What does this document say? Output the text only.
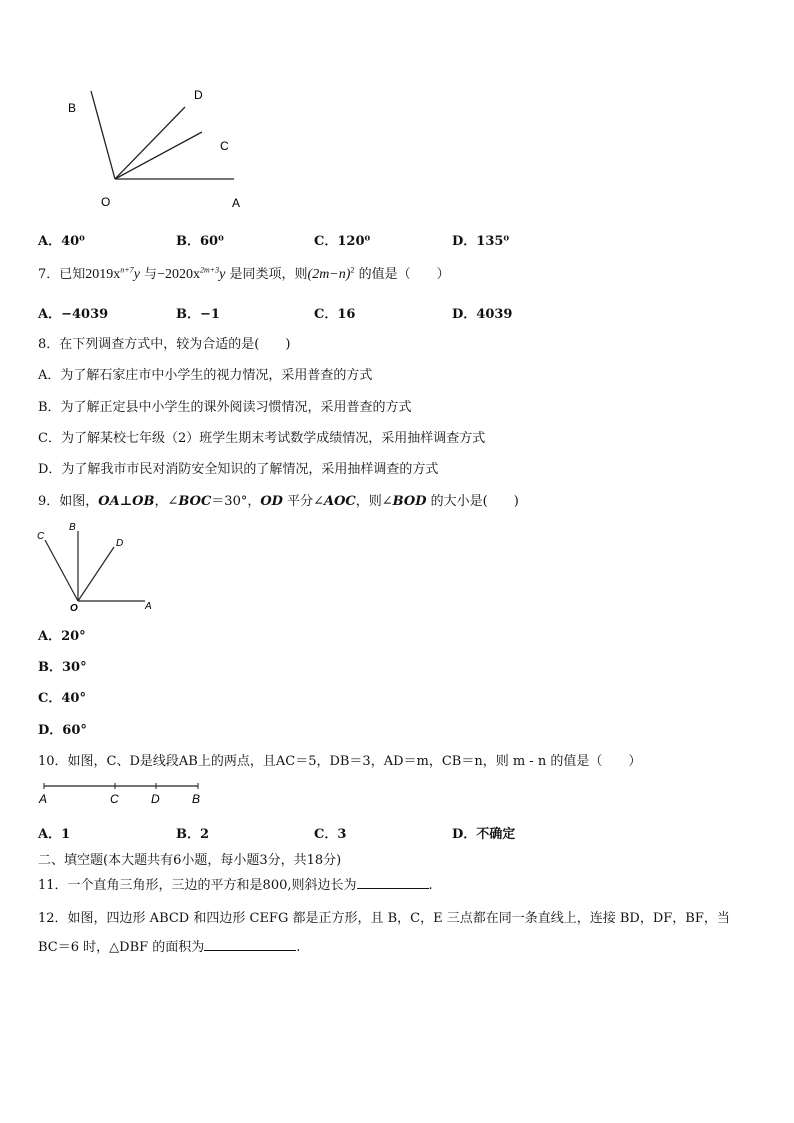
B
D
C
O	A
A．40⁰	B．60⁰	C．120⁰	D．135⁰
7．已知$2019x^{n+7}y$ 与$-2020x^{2m+3}y$ 是同类项，则$(2m-n)^2$ 的值是（　　）
A．−4039	B．−1	C．16	D．4039
8．在下列调查方式中，较为合适的是(　　)
A．为了解石家庄市中小学生的视力情况，采用普查的方式
B．为了解正定县中小学生的课外阅读习惯情况，采用普查的方式
C．为了解某校七年级（2）班学生期末考试数学成绩情况，采用抽样调查方式
D．为了解我市市民对消防安全知识的了解情况，采用抽样调查的方式
9．如图，OA⊥OB，∠BOC＝30°，OD 平分∠AOC，则∠BOD 的大小是(　　)
C
B
D
O	A
A．20°
B．30°
C．40°
D．60°
10．如图，C、D是线段AB上的两点，且AC＝5，DB＝3，AD＝m，CB＝n，则 m - n 的值是（　　）
A	C	D	B
A．1	B．2	C．3	D．不确定
二、填空题(本大题共有6小题，每小题3分，共18分)
11．一个直角三角形，三边的平方和是800,则斜边长为	.
12．如图，四边形 ABCD 和四边形 CEFG 都是正方形，且 B，C，E 三点都在同一条直线上，连接 BD，DF，BF，当
BC＝6 时，△DBF 的面积为	.
